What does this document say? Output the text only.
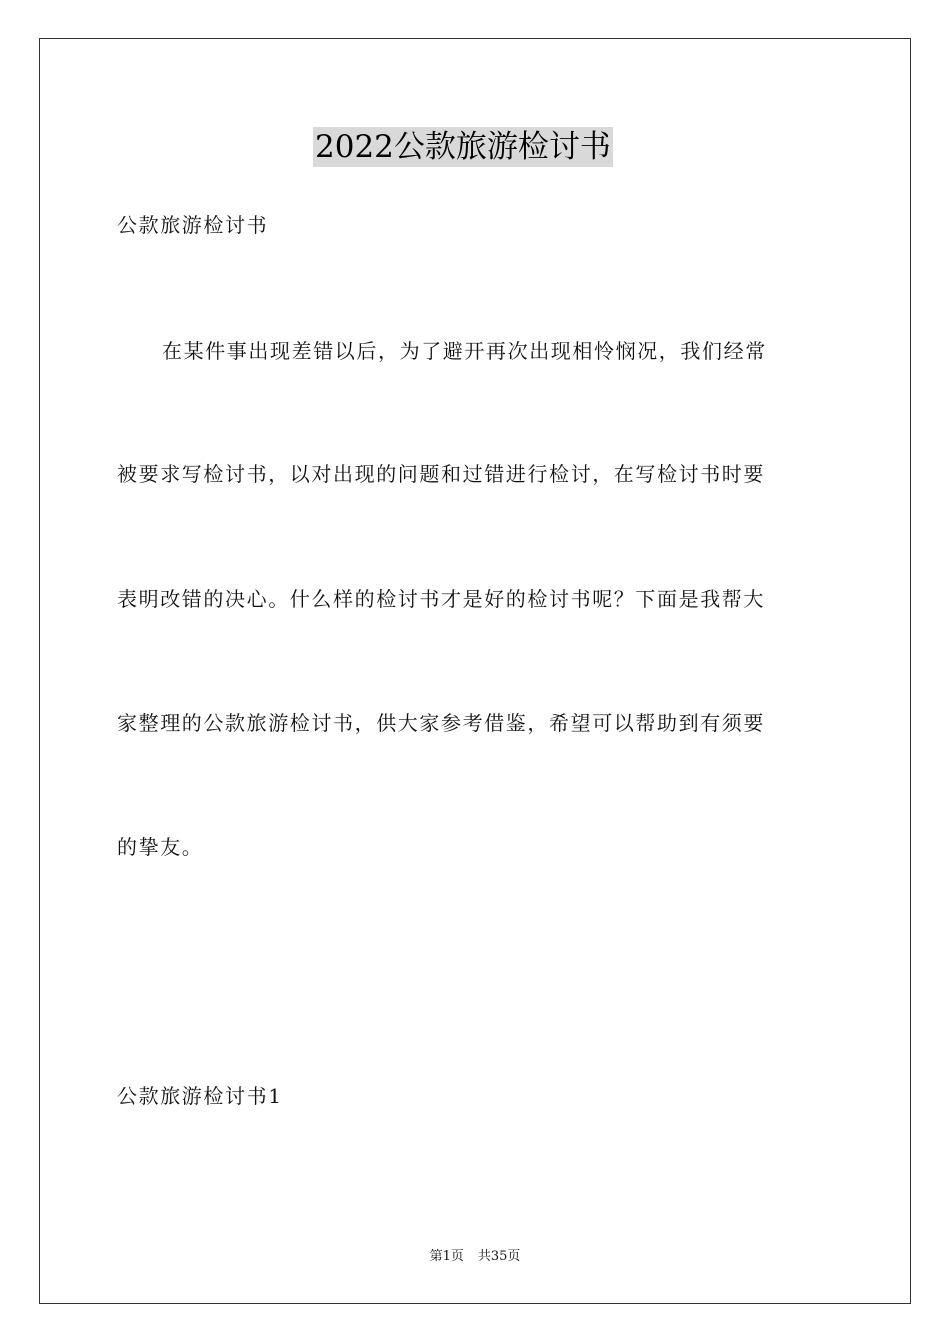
2022公款旅游检讨书
公款旅游检讨书
在某件事出现差错以后，为了避开再次出现相怜悯况，我们经常
被要求写检讨书，以对出现的问题和过错进行检讨，在写检讨书时要
表明改错的决心。什么样的检讨书才是好的检讨书呢？下面是我帮大
家整理的公款旅游检讨书，供大家参考借鉴，希望可以帮助到有须要
的挚友。
公款旅游检讨书1
第1页 共35页
